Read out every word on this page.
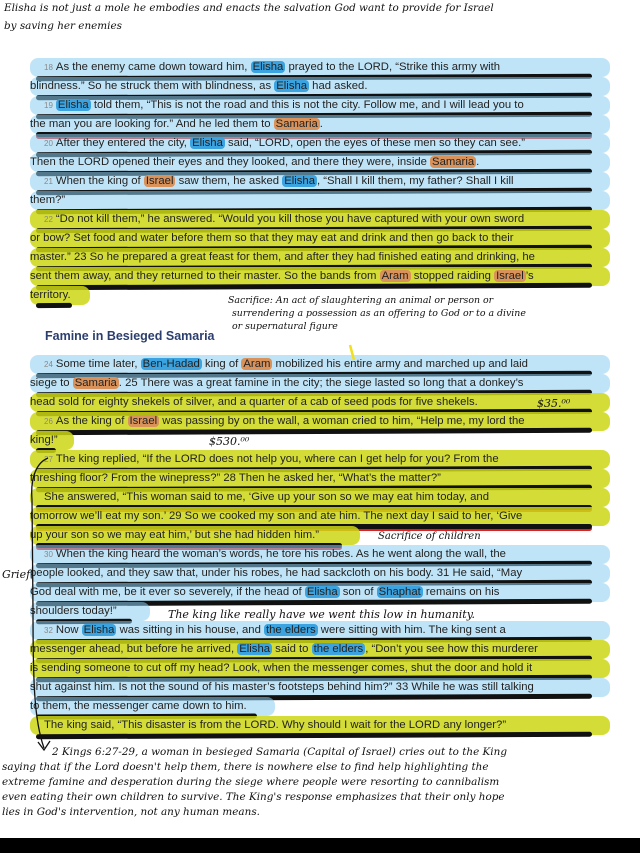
Elisha is not just a mole he embodies and enacts the salvation God want to provide for Israel
by saving her enemies
18 As the enemy came down toward him, Elisha prayed to the LORD, “Strike this army with
blindness.” So he struck them with blindness, as Elisha had asked.
19 Elisha told them, “This is not the road and this is not the city. Follow me, and I will lead you to
the man you are looking for.” And he led them to Samaria .
20 After they entered the city, Elisha said, “LORD, open the eyes of these men so they can see.”
Then the LORD opened their eyes and they looked, and there they were, inside Samaria .
21 When the king of Israel saw them, he asked Elisha , “Shall I kill them, my father? Shall I kill
them?”
22 “Do not kill them,” he answered. “Would you kill those you have captured with your own sword
or bow? Set food and water before them so that they may eat and drink and then go back to their
master.” 23 So he prepared a great feast for them, and after they had finished eating and drinking, he
sent them away, and they returned to their master. So the bands from Aram stopped raiding Israel ’s
territory.	Sacrifice: An act of slaughtering an animal or person or
surrendering a possession as an offering to God or to a divine
or supernatural figure
Famine in Besieged Samaria
24 Some time later, Ben-Hadad king of Aram mobilized his entire army and marched up and laid
siege to Samaria . 25 There was a great famine in the city; the siege lasted so long that a donkey’s
head sold for eighty shekels of silver, and a quarter of a cab of seed pods for five shekels.
26 As the king of Israel was passing by on the wall, a woman cried to him, “Help me, my lord the
king!”
27 The king replied, “If the LORD does not help you, where can I get help for you? From the
threshing floor? From the winepress?” 28 Then he asked her, “What’s the matter?”
She answered, “This woman said to me, ‘Give up your son so we may eat him today, and
tomorrow we’ll eat my son.’ 29 So we cooked my son and ate him. The next day I said to her, ‘Give
up your son so we may eat him,’ but she had hidden him.”
30 When the king heard the woman’s words, he tore his robes. As he went along the wall, the
people looked, and they saw that, under his robes, he had sackcloth on his body. 31 He said, “May
God deal with me, be it ever so severely, if the head of Elisha son of Shaphat remains on his
shoulders today!”
32 Now Elisha was sitting in his house, and the elders were sitting with him. The king sent a
messenger ahead, but before he arrived, Elisha said to the elders , “Don’t you see how this murderer
is sending someone to cut off my head? Look, when the messenger comes, shut the door and hold it
shut against him. Is not the sound of his master’s footsteps behind him?” 33 While he was still talking
to them, the messenger came down to him.
The king said, “This disaster is from the LORD. Why should I wait for the LORD any longer?”
$35.⁰⁰
$530.⁰⁰
Sacrifice of children
Grief
The king like really have we went this low in humanity.
2 Kings 6:27-29, a woman in besieged Samaria (Capital of Israel) cries out to the King
saying that if the Lord doesn't help them, there is nowhere else to find help highlighting the
extreme famine and desperation during the siege where people were resorting to cannibalism
even eating their own children to survive. The King's response emphasizes that their only hope
lies in God's intervention, not any human means.
